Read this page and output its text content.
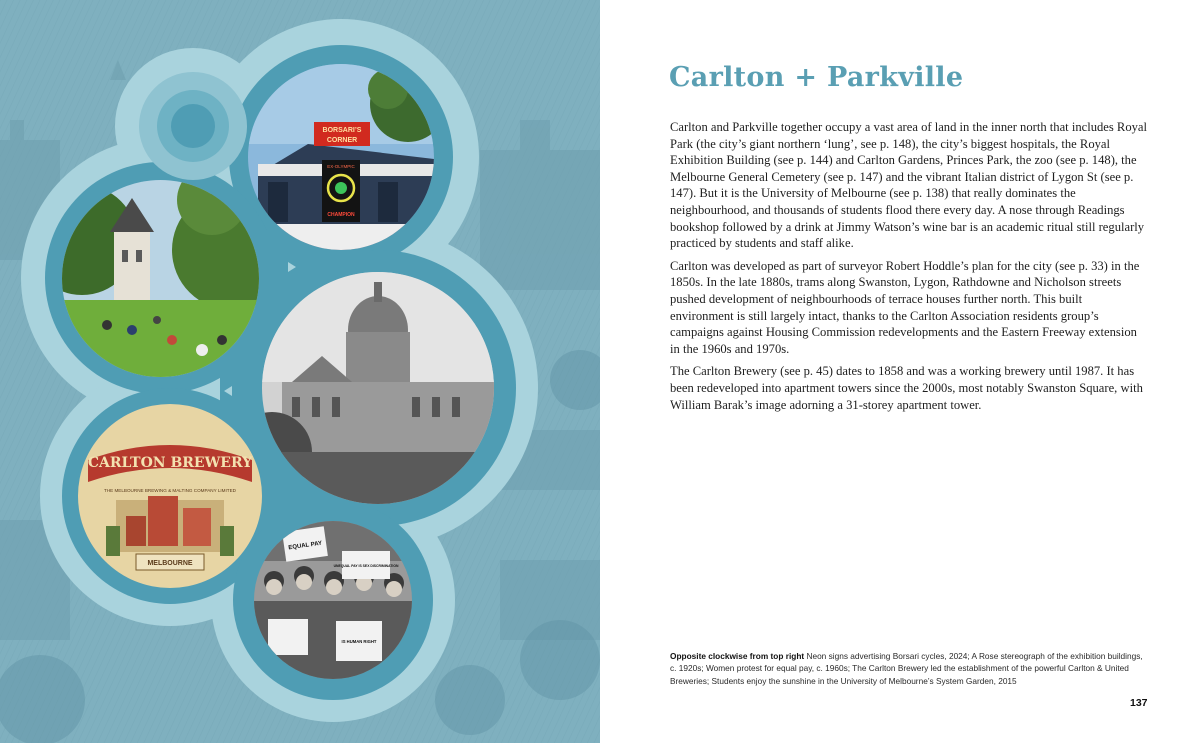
BORSARI’S
CORNER
EX-OLYMPIC
CHAMPION
CARLTON BREWERY
THE MELBOURNE BREWING & MALTING COMPANY LIMITED
MELBOURNE
EQUAL PAY
UNEQUAL PAY IS SEX DISCRIMINATION
IS HUMAN RIGHT
Carlton + Parkville

Carlton and Parkville together occupy a vast area of land in the inner north that includes Royal Park (the city’s giant northern ‘lung’, see p. 148), the city’s biggest hospitals, the Royal Exhibition Building (see p. 144) and Carlton Gardens, Princes Park, the zoo (see p. 148), the Melbourne General Cemetery (see p. 147) and the vibrant Italian district of Lygon St (see p. 147). But it is the University of Melbourne (see p. 138) that really dominates the neighbourhood, and thousands of students flood there every day. A nose through Readings bookshop followed by a drink at Jimmy Watson’s wine bar is an academic ritual still regularly practiced by students and staff alike.

Carlton was developed as part of surveyor Robert Hoddle’s plan for the city (see p. 33) in the 1850s. In the late 1880s, trams along Swanston, Lygon, Rathdowne and Nicholson streets pushed development of neighbourhoods of terrace houses further north. This built environment is still largely intact, thanks to the Carlton Association residents group’s campaigns against Housing Commission redevelopments and the Eastern Freeway extension in the 1960s and 1970s.

The Carlton Brewery (see p. 45) dates to 1858 and was a working brewery until 1987. It has been redeveloped into apartment towers since the 2000s, most notably Swanston Square, with William Barak’s image adorning a 31-storey apartment tower.

Opposite clockwise from top right Neon signs advertising Borsari cycles, 2024; A Rose stereograph of the exhibition buildings, c. 1920s; Women protest for equal pay, c. 1960s; The Carlton Brewery led the establishment of the powerful Carlton & United Breweries; Students enjoy the sunshine in the University of Melbourne’s System Garden, 2015
137
